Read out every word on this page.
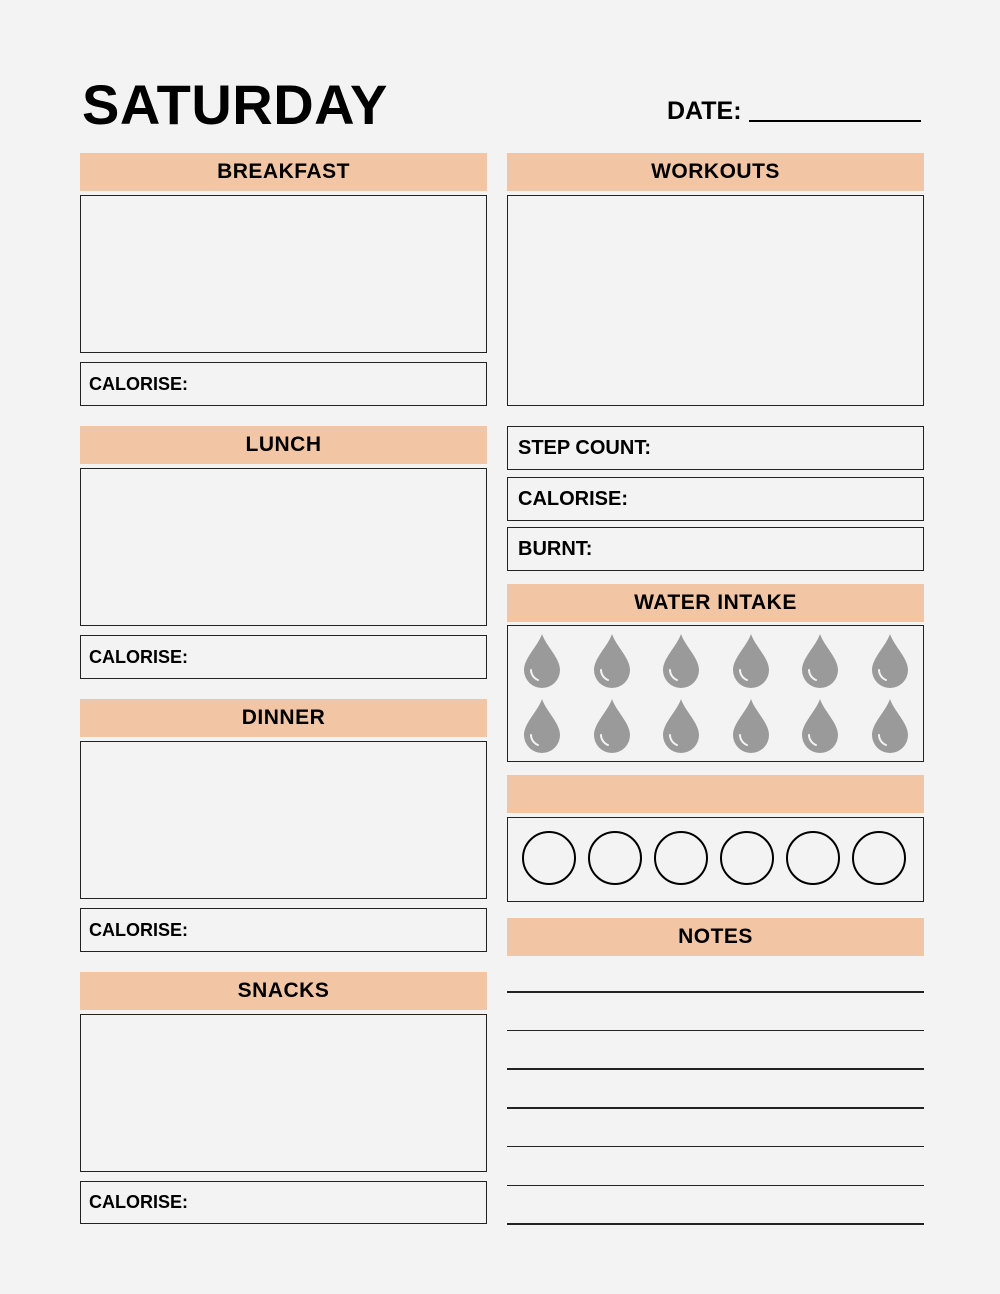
SATURDAY	DATE:
BREAKFAST
CALORISE:
LUNCH
CALORISE:
DINNER
CALORISE:
SNACKS
CALORISE:
WORKOUTS
STEP COUNT:
CALORISE:
BURNT:
WATER INTAKE
NOTES
